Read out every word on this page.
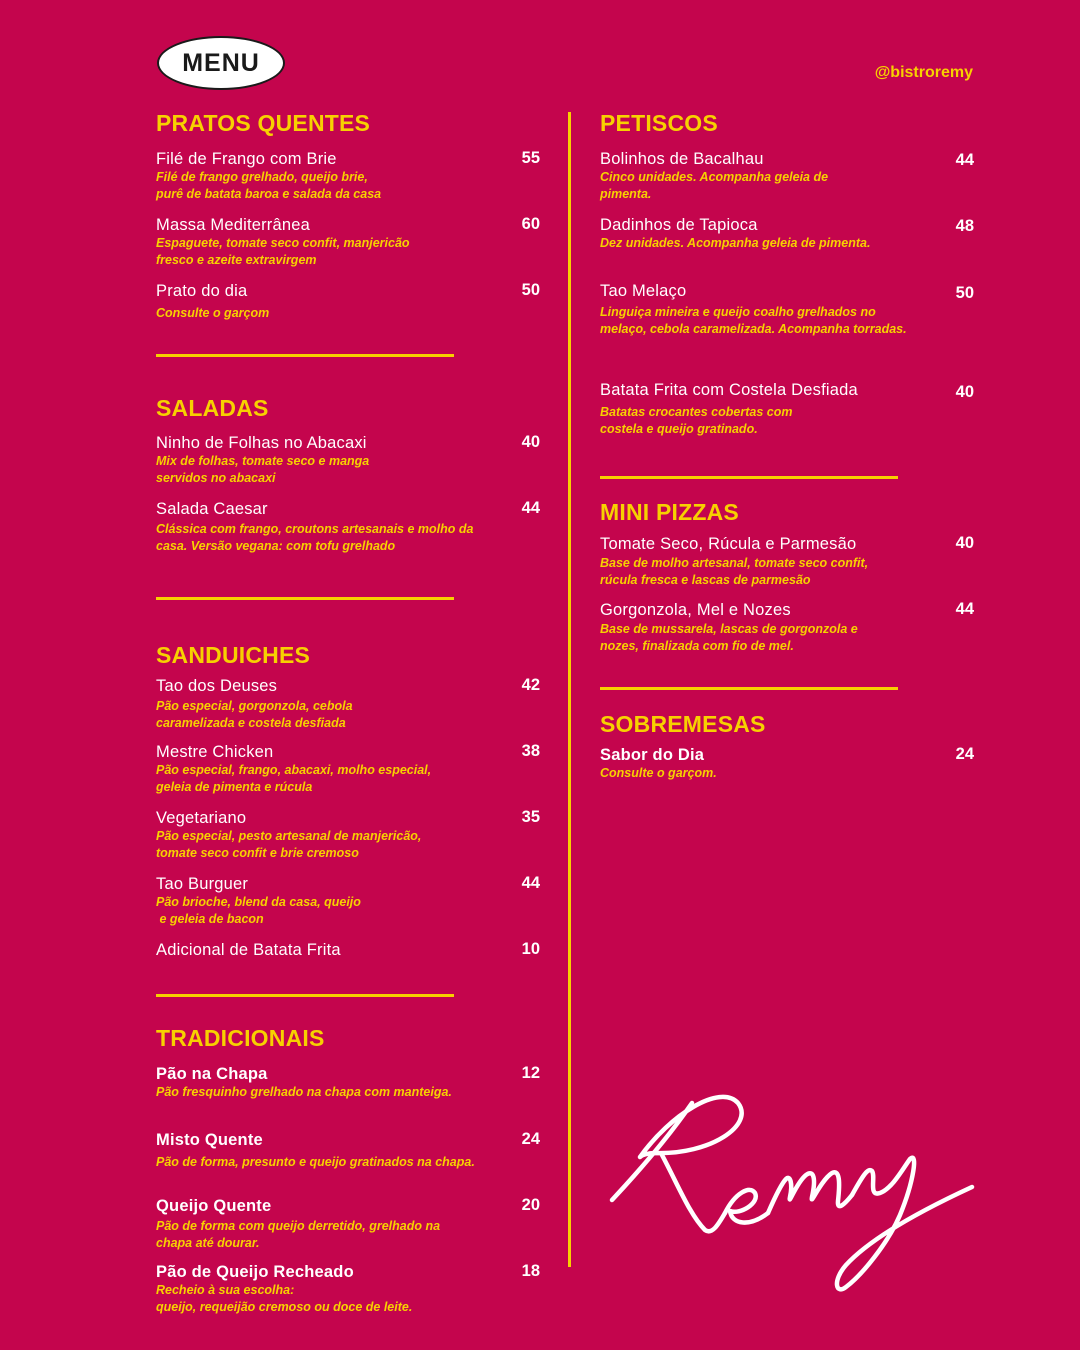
MENU	@bistroremy
PRATOS QUENTES
Filé de Frango com Brie	55
Filé de frango grelhado, queijo brie,
purê de batata baroa e salada da casa
Massa Mediterrânea	60
Espaguete, tomate seco confit, manjericão
fresco e azeite extravirgem
Prato do dia	50
Consulte o garçom
SALADAS
Ninho de Folhas no Abacaxi	40
Mix de folhas, tomate seco e manga
servidos no abacaxi
Salada Caesar	44
Clássica com frango, croutons artesanais e molho da
casa. Versão vegana: com tofu grelhado
SANDUICHES
Tao dos Deuses	42
Pão especial, gorgonzola, cebola
caramelizada e costela desfiada
Mestre Chicken	38
Pão especial, frango, abacaxi, molho especial,
geleia de pimenta e rúcula
Vegetariano	35
Pão especial, pesto artesanal de manjericão,
tomate seco confit e brie cremoso
Tao Burguer	44
Pão brioche, blend da casa, queijo
e geleia de bacon
Adicional de Batata Frita	10
TRADICIONAIS
Pão na Chapa	12
Pão fresquinho grelhado na chapa com manteiga.
Misto Quente	24
Pão de forma, presunto e queijo gratinados na chapa.
Queijo Quente	20
Pão de forma com queijo derretido, grelhado na
chapa até dourar.
Pão de Queijo Recheado	18
Recheio à sua escolha:
queijo, requeijão cremoso ou doce de leite.
PETISCOS
Bolinhos de Bacalhau	44
Cinco unidades. Acompanha geleia de
pimenta.
Dadinhos de Tapioca	48
Dez unidades. Acompanha geleia de pimenta.
Tao Melaço	50
Linguiça mineira e queijo coalho grelhados no
melaço, cebola caramelizada. Acompanha torradas.
Batata Frita com Costela Desfiada	40
Batatas crocantes cobertas com
costela e queijo gratinado.
MINI PIZZAS
Tomate Seco, Rúcula e Parmesão	40
Base de molho artesanal, tomate seco confit,
rúcula fresca e lascas de parmesão
Gorgonzola, Mel e Nozes	44
Base de mussarela, lascas de gorgonzola e
nozes, finalizada com fio de mel.
SOBREMESAS
Sabor do Dia	24
Consulte o garçom.
